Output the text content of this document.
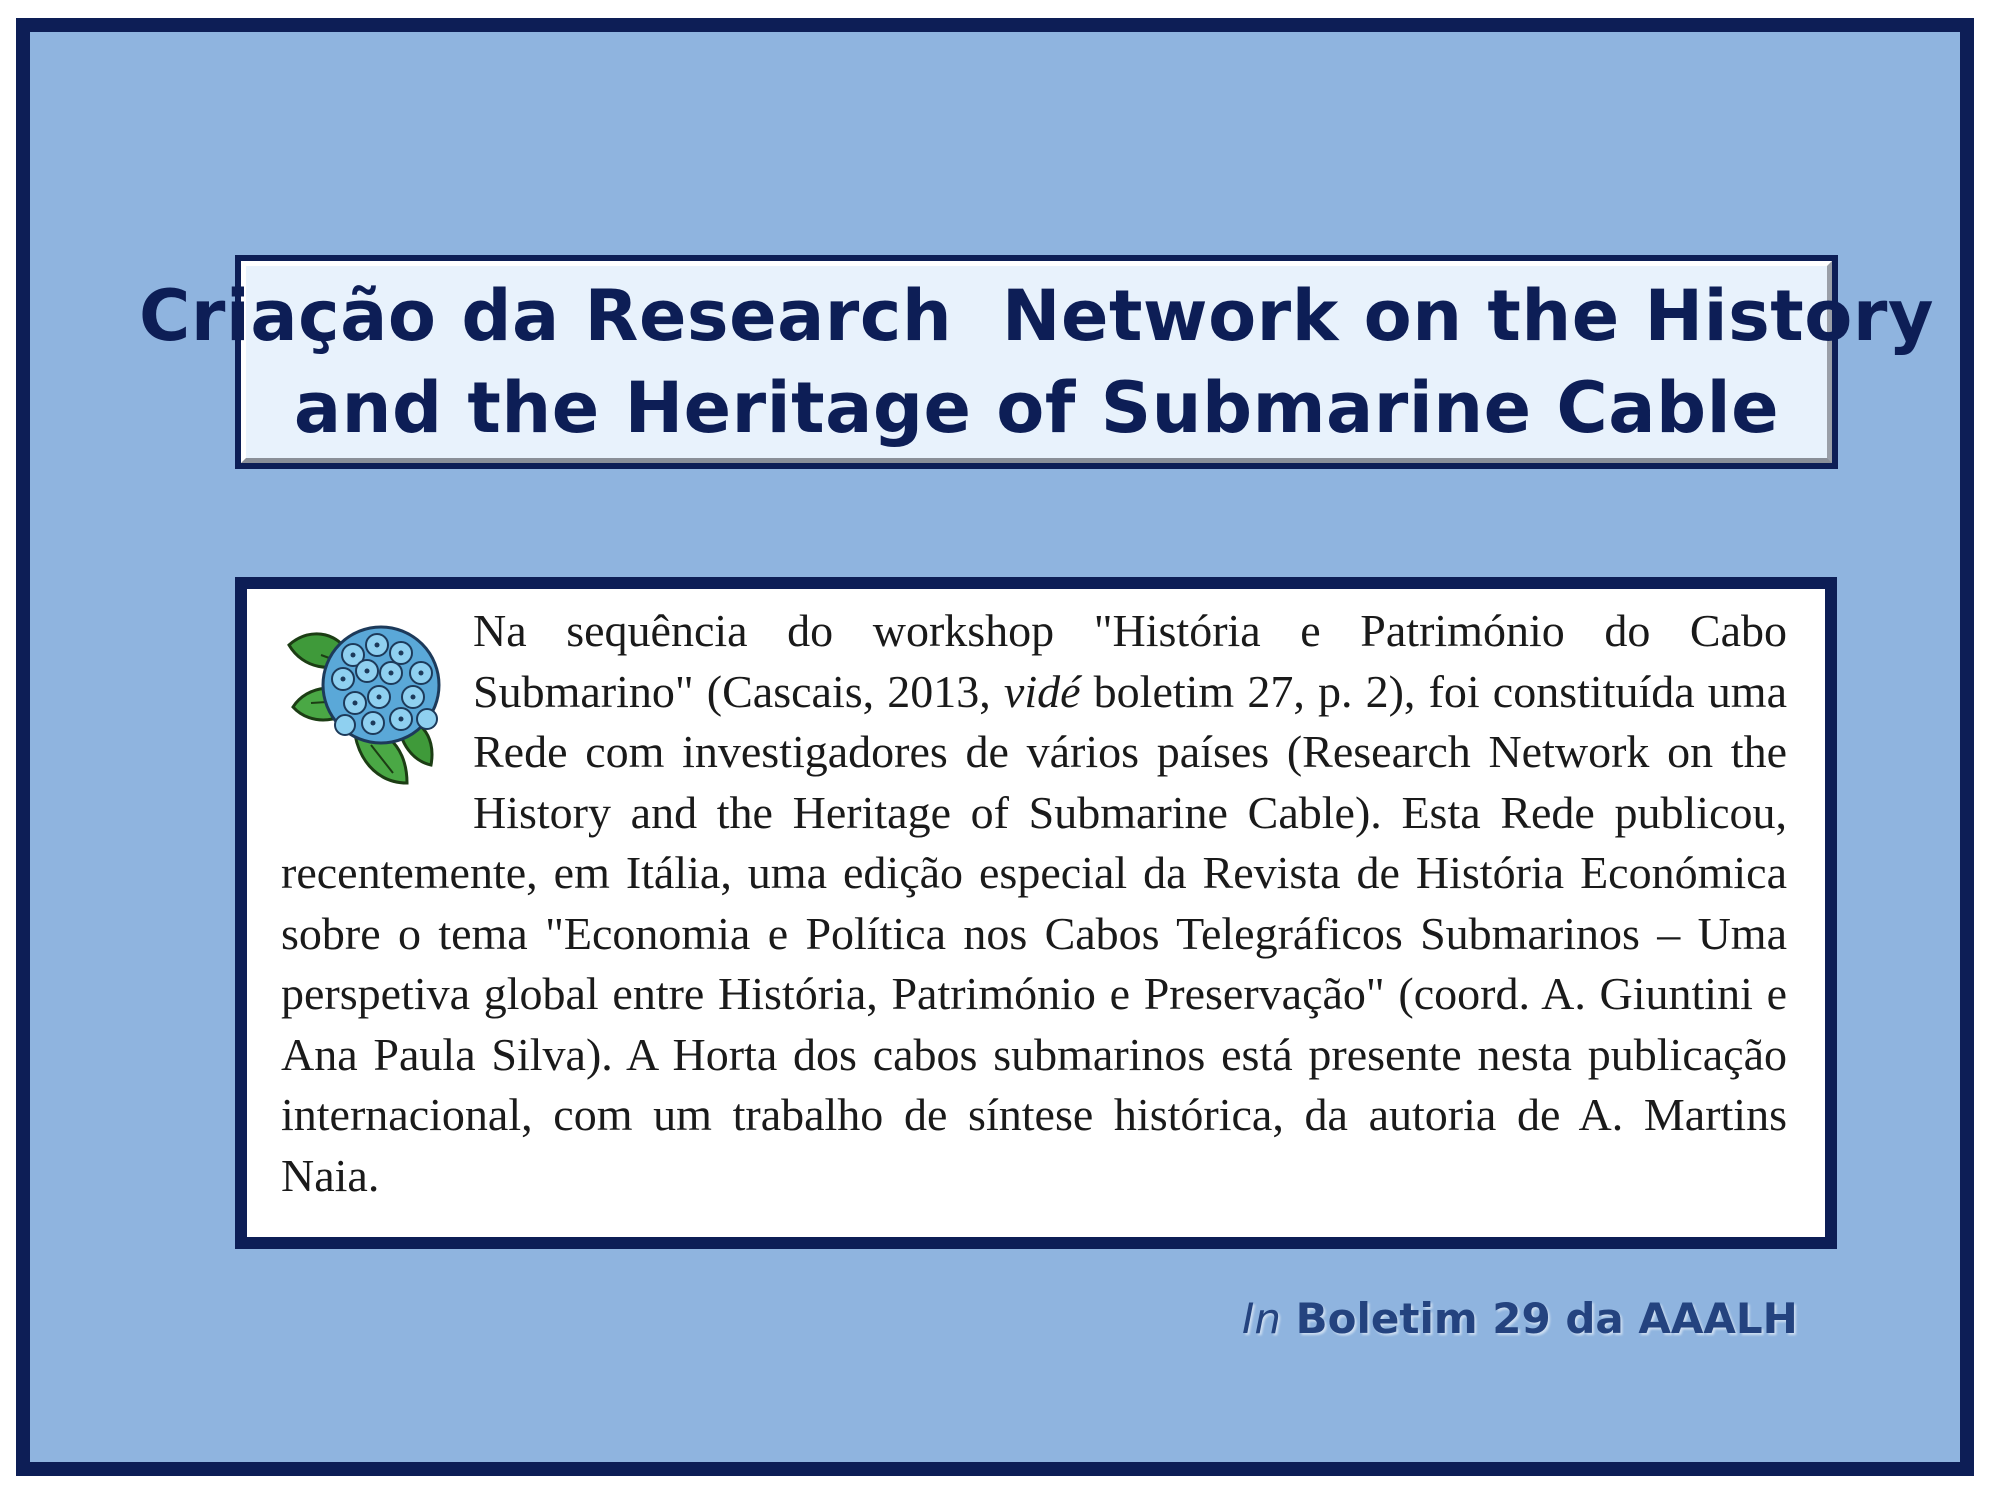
Criação da Research  Network on the History
and the Heritage of Submarine Cable

Na sequência do workshop "História e Património do Cabo Submarino" (Cascais, 2013, vidé boletim 27, p. 2), foi constituída uma Rede com investigadores de vários países (Research Network on the History and the Heritage of Submarine Cable). Esta Rede publicou, recentemente, em Itália, uma edição especial da Revista de História Económica sobre o tema "Economia e Política nos Cabos Telegráficos Submarinos – Uma perspetiva global entre História, Património e Preservação" (coord. A. Giuntini e Ana Paula Silva). A Horta dos cabos submarinos está presente nesta publicação internacional, com um trabalho de síntese histórica, da autoria de A. Martins Naia.

In Boletim 29 da AAALH
